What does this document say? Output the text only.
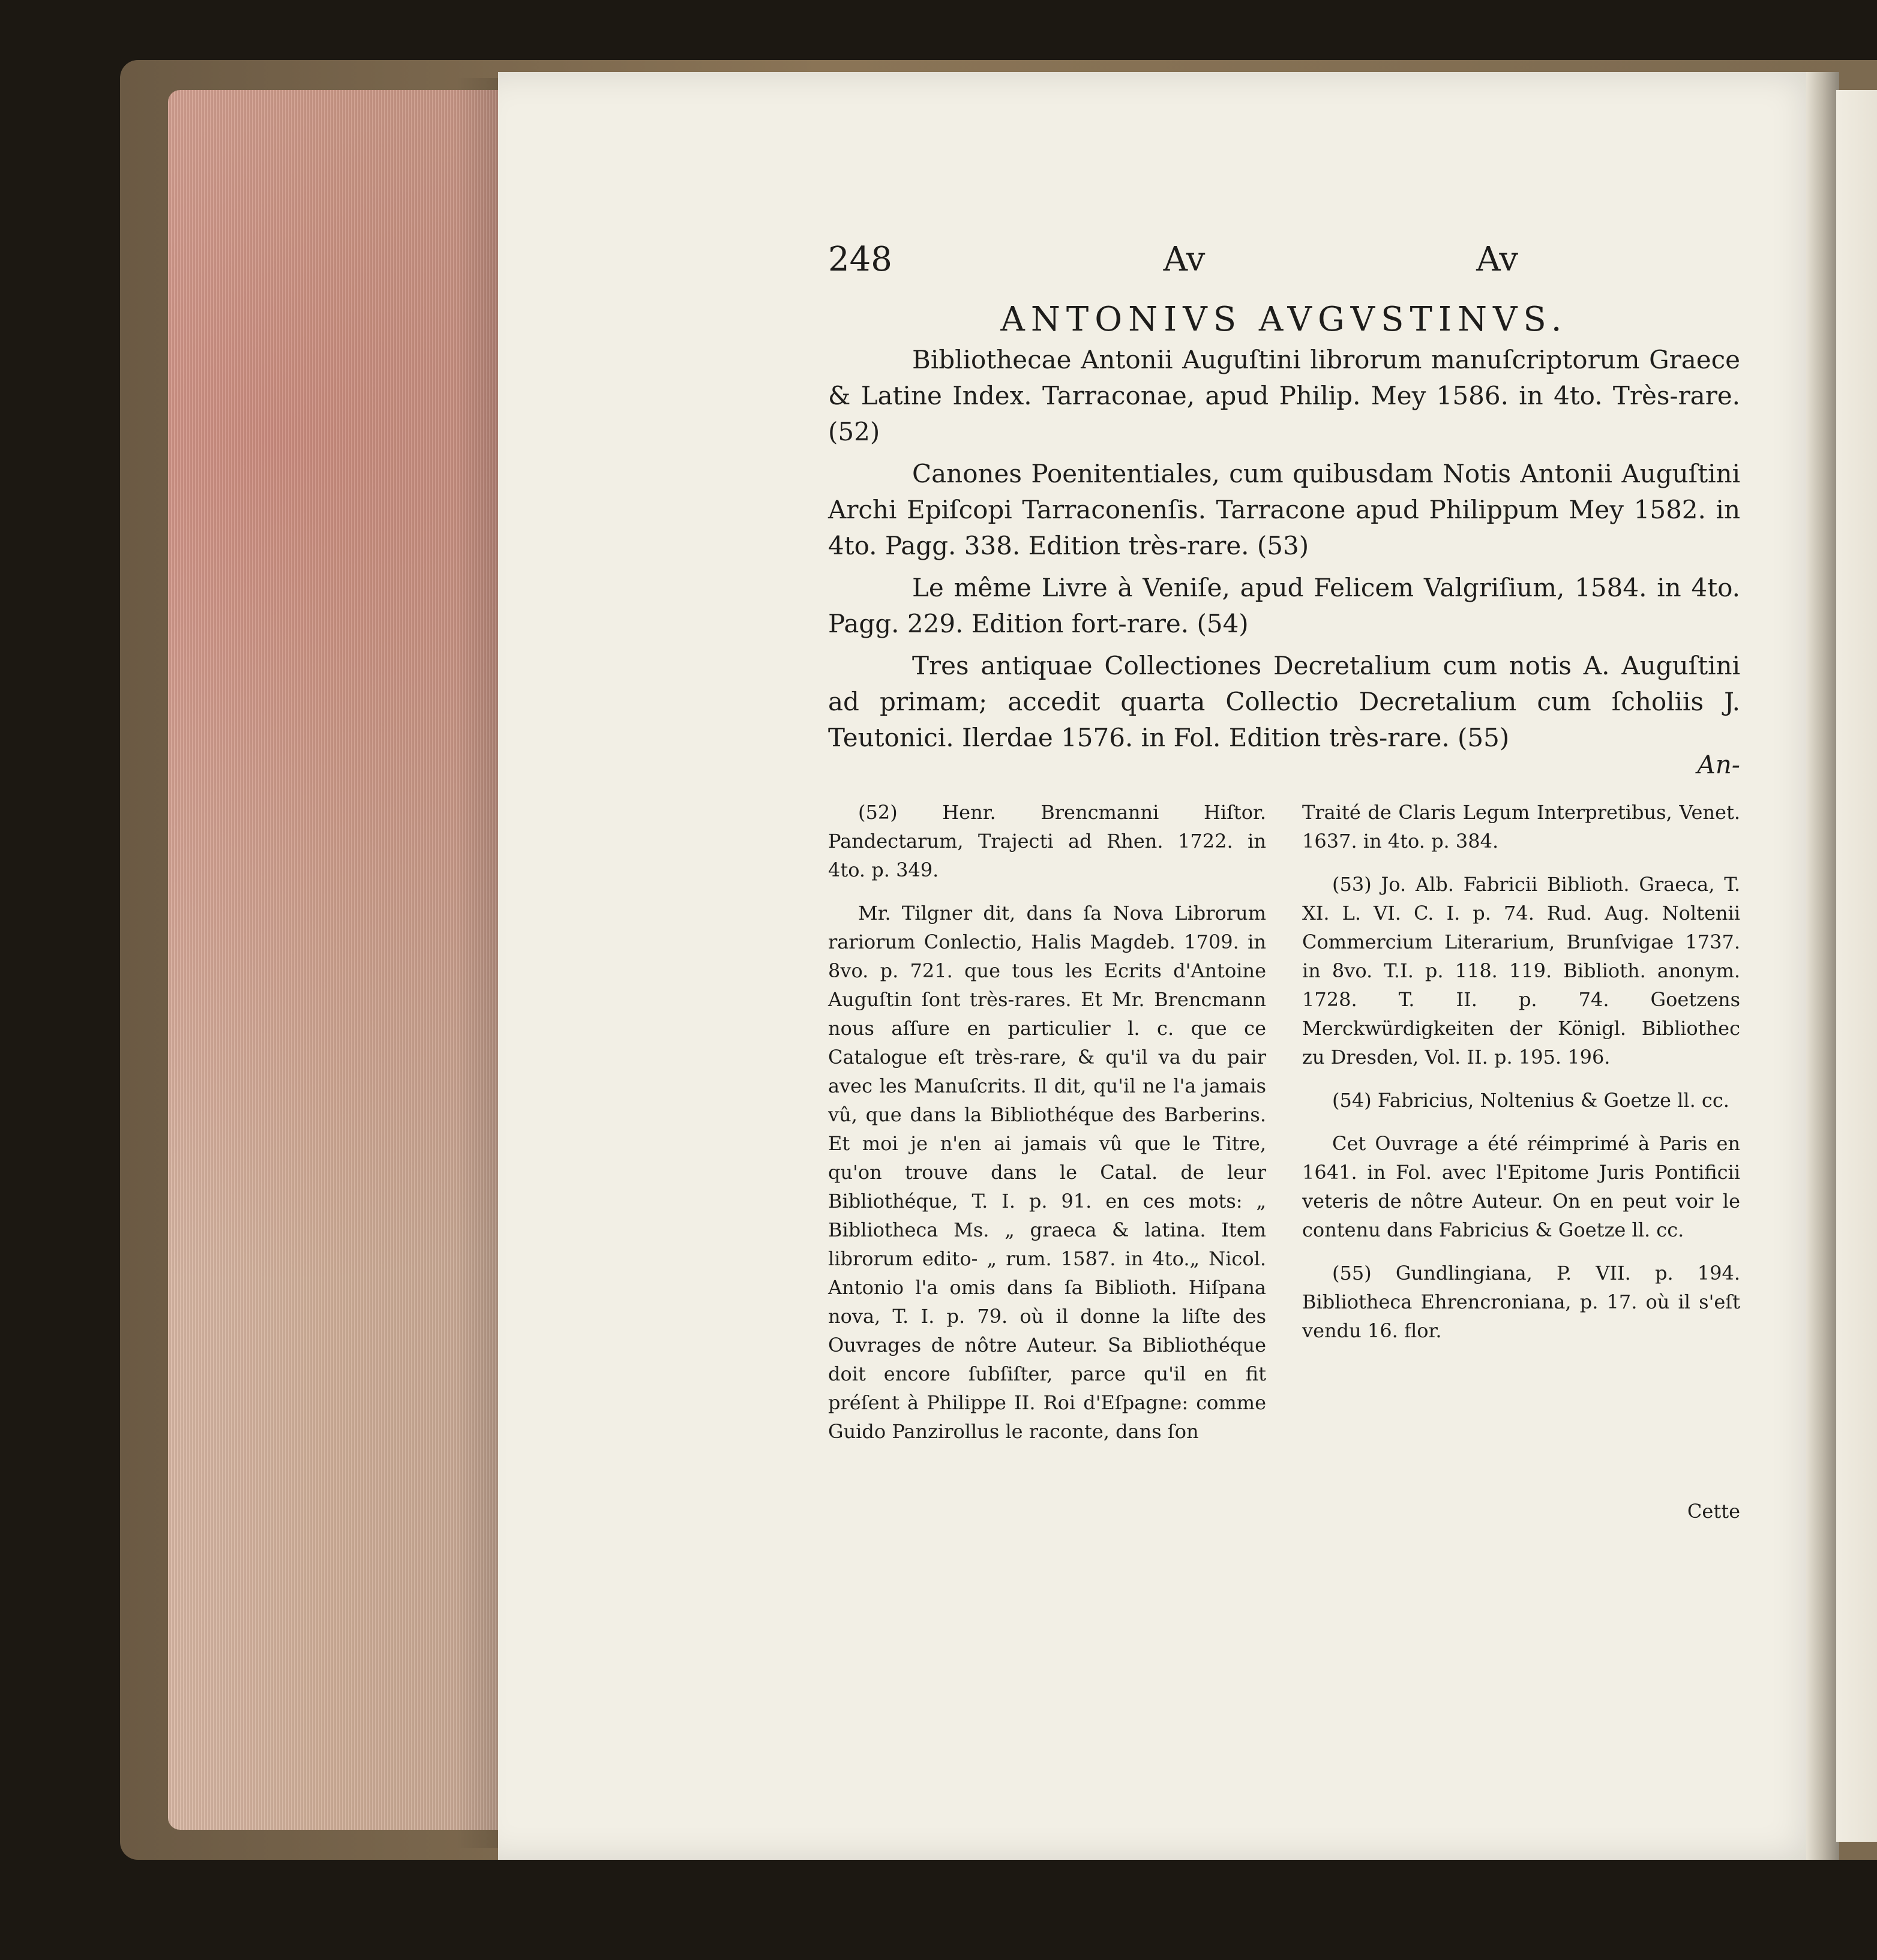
248	Av	Av
ANTONIVS AVGVSTINVS.

Bibliothecae Antonii Auguſtini librorum manuſcriptorum Graece & Latine Index. Tarraconae, apud Philip. Mey 1586. in 4to. Très-rare. (52)

Canones Poenitentiales, cum quibusdam Notis Antonii Auguſtini Archi Epiſcopi Tarraconenſis. Tarracone apud Philippum Mey 1582. in 4to. Pagg. 338. Edition très-rare. (53)

Le même Livre à Veniſe, apud Felicem Valgriſium, 1584. in 4to. Pagg. 229. Edition fort-rare. (54)

Tres antiquae Collectiones Decretalium cum notis A. Auguſtini ad primam; accedit quarta Collectio Decretalium cum ſcholiis J. Teutonici. Ilerdae 1576. in Fol. Edition très-rare. (55)

An-

(52) Henr. Brencmanni Hiſtor. Pandectarum, Trajecti ad Rhen. 1722. in 4to. p. 349.

Mr. Tilgner dit, dans ſa Nova Librorum rariorum Conlectio, Halis Magdeb. 1709. in 8vo. p. 721. que tous les Ecrits d'Antoine Auguſtin ſont très-rares. Et Mr. Brencmann nous aſſure en particulier l. c. que ce Catalogue eſt très-rare, & qu'il va du pair avec les Manuſcrits. Il dit, qu'il ne l'a jamais vû, que dans la Bibliothéque des Barberins. Et moi je n'en ai jamais vû que le Titre, qu'on trouve dans le Catal. de leur Bibliothéque, T. I. p. 91. en ces mots: „ Bibliotheca Ms. „ graeca & latina. Item librorum edito- „ rum. 1587. in 4to.„ Nicol. Antonio l'a omis dans ſa Biblioth. Hiſpana nova, T. I. p. 79. où il donne la liſte des Ouvrages de nôtre Auteur. Sa Bibliothéque doit encore ſubſiſter, parce qu'il en fit préſent à Philippe II. Roi d'Eſpagne: comme Guido Panzirollus le raconte, dans ſon

Traité de Claris Legum Interpretibus, Venet. 1637. in 4to. p. 384.

(53) Jo. Alb. Fabricii Biblioth. Graeca, T. XI. L. VI. C. I. p. 74. Rud. Aug. Noltenii Commercium Literarium, Brunſvigae 1737. in 8vo. T.I. p. 118. 119. Biblioth. anonym. 1728. T. II. p. 74. Goetzens Merckwürdigkeiten der Königl. Bibliothec zu Dresden, Vol. II. p. 195. 196.

(54) Fabricius, Noltenius & Goetze ll. cc.

Cet Ouvrage a été réimprimé à Paris en 1641. in Fol. avec l'Epitome Juris Pontificii veteris de nôtre Auteur. On en peut voir le contenu dans Fabricius & Goetze ll. cc.

(55) Gundlingiana, P. VII. p. 194. Bibliotheca Ehrencroniana, p. 17. où il s'eſt vendu 16. flor.

Cette
